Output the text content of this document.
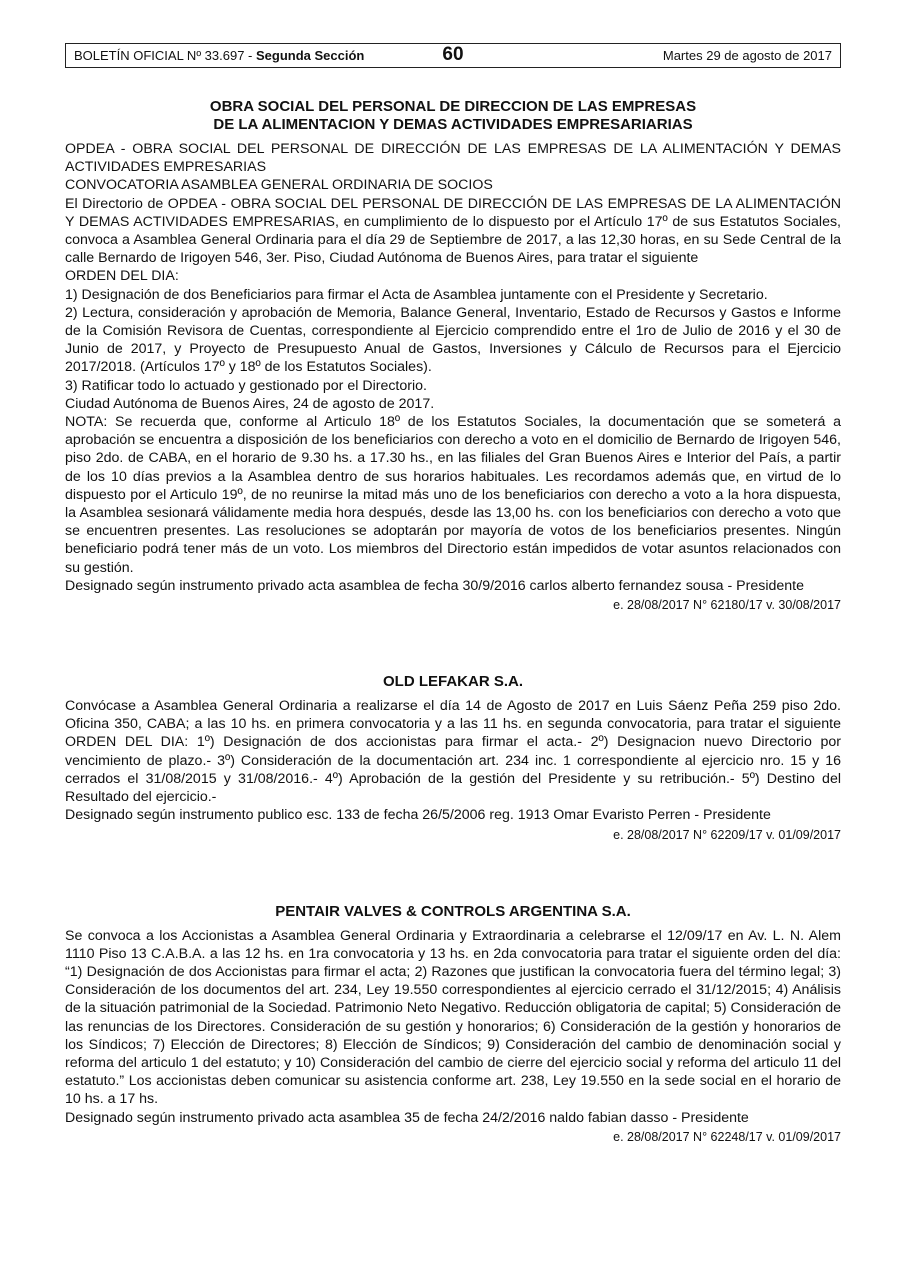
BOLETÍN OFICIAL Nº 33.697 - Segunda Sección	60	Martes 29 de agosto de 2017
OBRA SOCIAL DEL PERSONAL DE DIRECCION DE LAS EMPRESAS
DE LA ALIMENTACION Y DEMAS ACTIVIDADES EMPRESARIARIAS

OPDEA - OBRA SOCIAL DEL PERSONAL DE DIRECCIÓN DE LAS EMPRESAS DE LA ALIMENTACIÓN Y DEMAS ACTIVIDADES EMPRESARIAS

CONVOCATORIA ASAMBLEA GENERAL ORDINARIA DE SOCIOS

El Directorio de OPDEA - OBRA SOCIAL DEL PERSONAL DE DIRECCIÓN DE LAS EMPRESAS DE LA ALIMENTACIÓN Y DEMAS ACTIVIDADES EMPRESARIAS, en cumplimiento de lo dispuesto por el Artículo 17º de sus Estatutos Sociales, convoca a Asamblea General Ordinaria para el día 29 de Septiembre de 2017, a las 12,30 horas, en su Sede Central de la calle Bernardo de Irigoyen 546, 3er. Piso, Ciudad Autónoma de Buenos Aires, para tratar el siguiente

ORDEN DEL DIA:

1) Designación de dos Beneficiarios para firmar el Acta de Asamblea juntamente con el Presidente y Secretario.

2) Lectura, consideración y aprobación de Memoria, Balance General, Inventario, Estado de Recursos y Gastos e Informe de la Comisión Revisora de Cuentas, correspondiente al Ejercicio comprendido entre el 1ro de Julio de 2016 y el 30 de Junio de 2017, y Proyecto de Presupuesto Anual de Gastos, Inversiones y Cálculo de Recursos para el Ejercicio 2017/2018. (Artículos 17º y 18º de los Estatutos Sociales).

3) Ratificar todo lo actuado y gestionado por el Directorio.

Ciudad Autónoma de Buenos Aires, 24 de agosto de 2017.

NOTA: Se recuerda que, conforme al Articulo 18º de los Estatutos Sociales, la documentación que se someterá a aprobación se encuentra a disposición de los beneficiarios con derecho a voto en el domicilio de Bernardo de Irigoyen 546, piso 2do. de CABA, en el horario de 9.30 hs. a 17.30 hs., en las filiales del Gran Buenos Aires e Interior del País, a partir de los 10 días previos a la Asamblea dentro de sus horarios habituales. Les recordamos además que, en virtud de lo dispuesto por el Articulo 19º, de no reunirse la mitad más uno de los beneficiarios con derecho a voto a la hora dispuesta, la Asamblea sesionará válidamente media hora después, desde las 13,00 hs. con los beneficiarios con derecho a voto que se encuentren presentes. Las resoluciones se adoptarán por mayoría de votos de los beneficiarios presentes. Ningún beneficiario podrá tener más de un voto. Los miembros del Directorio están impedidos de votar asuntos relacionados con su gestión.

Designado según instrumento privado acta asamblea de fecha 30/9/2016 carlos alberto fernandez sousa - Presidente

e. 28/08/2017 N° 62180/17 v. 30/08/2017

OLD LEFAKAR S.A.

Convócase a Asamblea General Ordinaria a realizarse el día 14 de Agosto de 2017 en Luis Sáenz Peña 259 piso 2do. Oficina 350, CABA; a las 10 hs. en primera convocatoria y a las 11 hs. en segunda convocatoria, para tratar el siguiente ORDEN DEL DIA: 1º) Designación de dos accionistas para firmar el acta.- 2º) Designacion nuevo Directorio por vencimiento de plazo.- 3º) Consideración de la documentación art. 234 inc. 1 correspondiente al ejercicio nro. 15 y 16 cerrados el 31/08/2015 y 31/08/2016.- 4º) Aprobación de la gestión del Presidente y su retribución.- 5º) Destino del Resultado del ejercicio.-

Designado según instrumento publico esc. 133 de fecha 26/5/2006 reg. 1913 Omar Evaristo Perren - Presidente

e. 28/08/2017 N° 62209/17 v. 01/09/2017

PENTAIR VALVES & CONTROLS ARGENTINA S.A.

Se convoca a los Accionistas a Asamblea General Ordinaria y Extraordinaria a celebrarse el 12/09/17 en Av. L. N. Alem 1110 Piso 13 C.A.B.A. a las 12 hs. en 1ra convocatoria y 13 hs. en 2da convocatoria para tratar el siguiente orden del día: “1) Designación de dos Accionistas para firmar el acta; 2) Razones que justifican la convocatoria fuera del término legal; 3) Consideración de los documentos del art. 234, Ley 19.550 correspondientes al ejercicio cerrado el 31/12/2015; 4) Análisis de la situación patrimonial de la Sociedad. Patrimonio Neto Negativo. Reducción obligatoria de capital; 5) Consideración de las renuncias de los Directores. Consideración de su gestión y honorarios; 6) Consideración de la gestión y honorarios de los Síndicos; 7) Elección de Directores; 8) Elección de Síndicos; 9) Consideración del cambio de denominación social y reforma del articulo 1 del estatuto; y 10) Consideración del cambio de cierre del ejercicio social y reforma del articulo 11 del estatuto.” Los accionistas deben comunicar su asistencia conforme art. 238, Ley 19.550 en la sede social en el horario de 10 hs. a 17 hs.

Designado según instrumento privado acta asamblea 35 de fecha 24/2/2016 naldo fabian dasso - Presidente

e. 28/08/2017 N° 62248/17 v. 01/09/2017
